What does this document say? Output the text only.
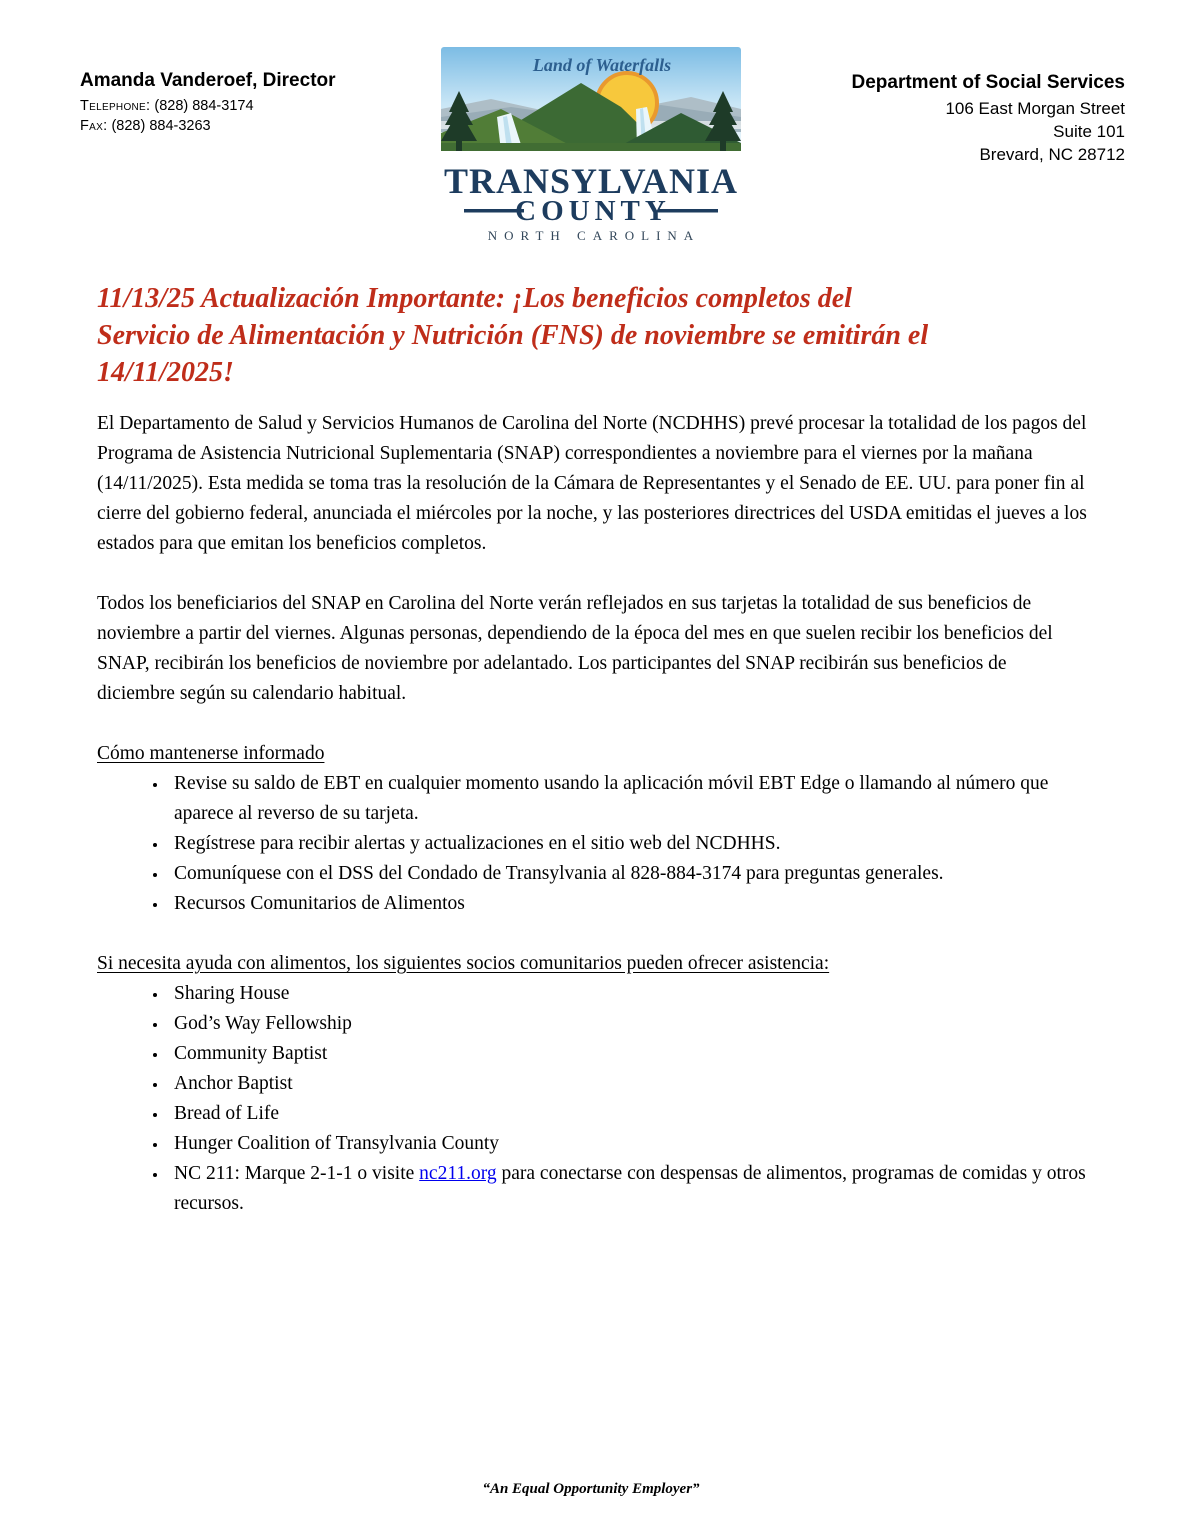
Amanda Vanderoef, Director
Telephone: (828) 884-3174
Fax: (828) 884-3263
Land of Waterfalls
TRANSYLVANIA
COUNTY
NORTH CAROLINA
Department of Social Services
106 East Morgan Street
Suite 101
Brevard, NC 28712
11/13/25 Actualización Importante: ¡Los beneficios completos del
Servicio de Alimentación y Nutrición (FNS) de noviembre se emitirán el
14/11/2025!

El Departamento de Salud y Servicios Humanos de Carolina del Norte (NCDHHS) prevé procesar la totalidad de los pagos del Programa de Asistencia Nutricional Suplementaria (SNAP) correspondientes a noviembre para el viernes por la mañana (14/11/2025). Esta medida se toma tras la resolución de la Cámara de Representantes y el Senado de EE. UU. para poner fin al cierre del gobierno federal, anunciada el miércoles por la noche, y las posteriores directrices del USDA emitidas el jueves a los estados para que emitan los beneficios completos.

Todos los beneficiarios del SNAP en Carolina del Norte verán reflejados en sus tarjetas la totalidad de sus beneficios de noviembre a partir del viernes. Algunas personas, dependiendo de la época del mes en que suelen recibir los beneficios del SNAP, recibirán los beneficios de noviembre por adelantado. Los participantes del SNAP recibirán sus beneficios de diciembre según su calendario habitual.

Cómo mantenerse informado
• Revise su saldo de EBT en cualquier momento usando la aplicación móvil EBT Edge o llamando al número que aparece al reverso de su tarjeta.
• Regístrese para recibir alertas y actualizaciones en el sitio web del NCDHHS.
• Comuníquese con el DSS del Condado de Transylvania al 828-884-3174 para preguntas generales.
• Recursos Comunitarios de Alimentos
Si necesita ayuda con alimentos, los siguientes socios comunitarios pueden ofrecer asistencia:
• Sharing House
• God’s Way Fellowship
• Community Baptist
• Anchor Baptist
• Bread of Life
• Hunger Coalition of Transylvania County
• NC 211: Marque 2-1-1 o visite nc211.org para conectarse con despensas de alimentos, programas de comidas y otros recursos.
“An Equal Opportunity Employer”
